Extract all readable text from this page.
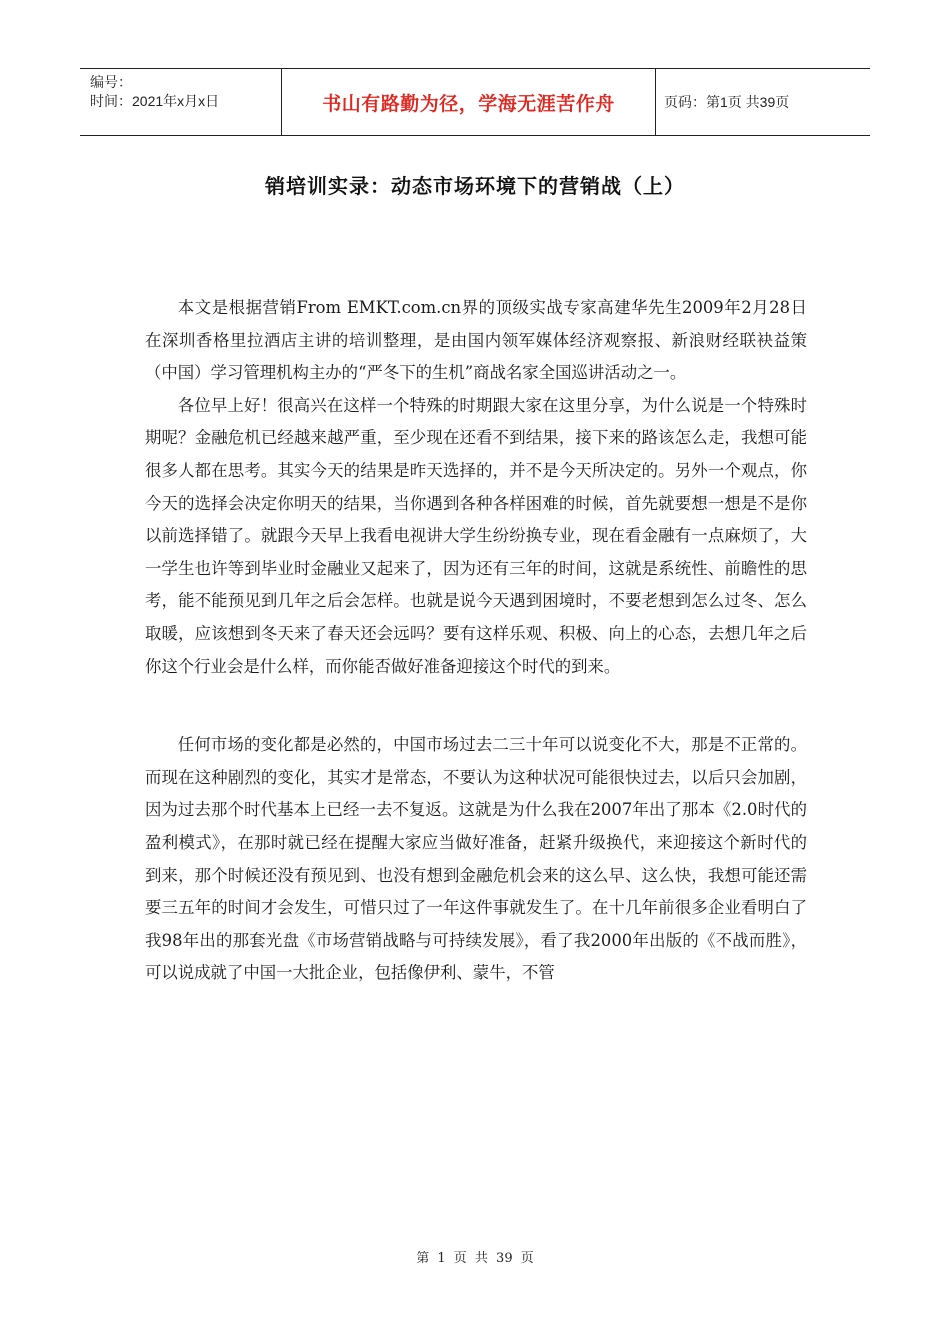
编号：
时间：2021年x月x日	书山有路勤为径，学海无涯苦作舟	页码：第1页 共39页
销培训实录：动态市场环境下的营销战（上）

本文是根据营销From EMKT.com.cn界的顶级实战专家高建华先生2009年2月28日在深圳香格里拉酒店主讲的培训整理，是由国内领军媒体经济观察报、新浪财经联袂益策（中国）学习管理机构主办的“严冬下的生机”商战名家全国巡讲活动之一。

各位早上好！很高兴在这样一个特殊的时期跟大家在这里分享，为什么说是一个特殊时期呢？金融危机已经越来越严重，至少现在还看不到结果，接下来的路该怎么走，我想可能很多人都在思考。其实今天的结果是昨天选择的，并不是今天所决定的。另外一个观点，你今天的选择会决定你明天的结果，当你遇到各种各样困难的时候，首先就要想一想是不是你以前选择错了。就跟今天早上我看电视讲大学生纷纷换专业，现在看金融有一点麻烦了，大一学生也许等到毕业时金融业又起来了，因为还有三年的时间，这就是系统性、前瞻性的思考，能不能预见到几年之后会怎样。也就是说今天遇到困境时，不要老想到怎么过冬、怎么取暖，应该想到冬天来了春天还会远吗？要有这样乐观、积极、向上的心态，去想几年之后你这个行业会是什么样，而你能否做好准备迎接这个时代的到来。

任何市场的变化都是必然的，中国市场过去二三十年可以说变化不大，那是不正常的。而现在这种剧烈的变化，其实才是常态，不要认为这种状况可能很快过去，以后只会加剧，因为过去那个时代基本上已经一去不复返。这就是为什么我在2007年出了那本《2.0时代的盈利模式》，在那时就已经在提醒大家应当做好准备，赶紧升级换代，来迎接这个新时代的到来，那个时候还没有预见到、也没有想到金融危机会来的这么早、这么快，我想可能还需要三五年的时间才会发生，可惜只过了一年这件事就发生了。在十几年前很多企业看明白了我98年出的那套光盘《市场营销战略与可持续发展》，看了我2000年出版的《不战而胜》，可以说成就了中国一大批企业，包括像伊利、蒙牛，不管

第 1 页 共 39 页
